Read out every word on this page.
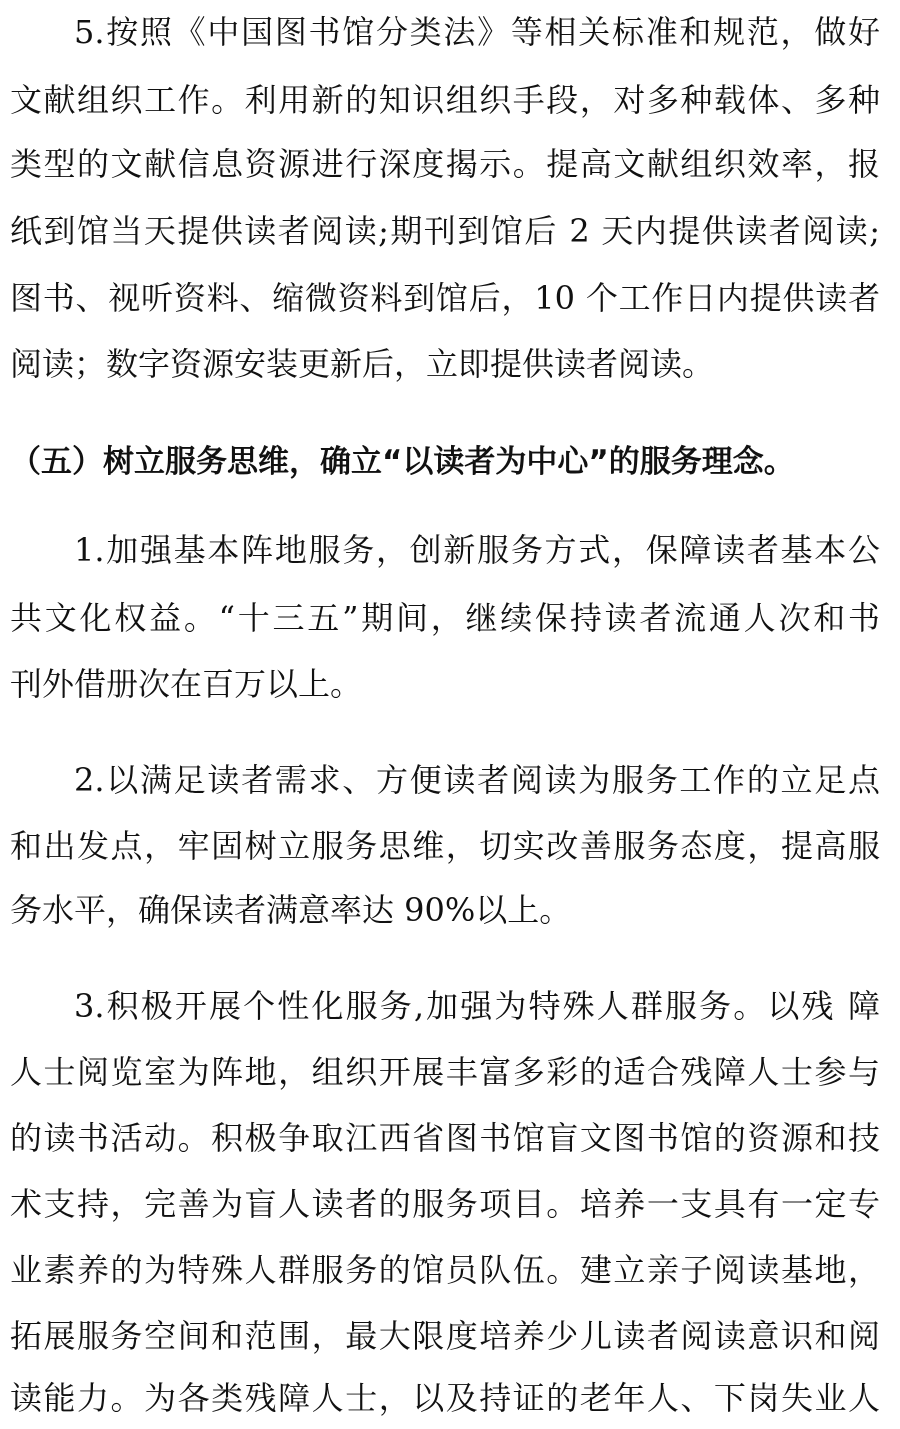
5.按照《中国图书馆分类法》等相关标准和规范，做好
文献组织工作。利用新的知识组织手段，对多种载体、多种
类型的文献信息资源进行深度揭示。提高文献组织效率，报
纸到馆当天提供读者阅读;期刊到馆后 2 天内提供读者阅读;
图书、视听资料、缩微资料到馆后，10 个工作日内提供读者
阅读；数字资源安装更新后，立即提供读者阅读。
（五）树立服务思维，确立“以读者为中心”的服务理念。
1.加强基本阵地服务，创新服务方式，保障读者基本公
共文化权益。“十三五”期间，继续保持读者流通人次和书
刊外借册次在百万以上。
2.以满足读者需求、方便读者阅读为服务工作的立足点
和出发点，牢固树立服务思维，切实改善服务态度，提高服
务水平，确保读者满意率达 90%以上。
3.积极开展个性化服务,加强为特殊人群服务。以残 障
人士阅览室为阵地，组织开展丰富多彩的适合残障人士参与
的读书活动。积极争取江西省图书馆盲文图书馆的资源和技
术支持，完善为盲人读者的服务项目。培养一支具有一定专
业素养的为特殊人群服务的馆员队伍。建立亲子阅读基地，
拓展服务空间和范围，最大限度培养少儿读者阅读意识和阅
读能力。为各类残障人士，以及持证的老年人、下岗失业人
